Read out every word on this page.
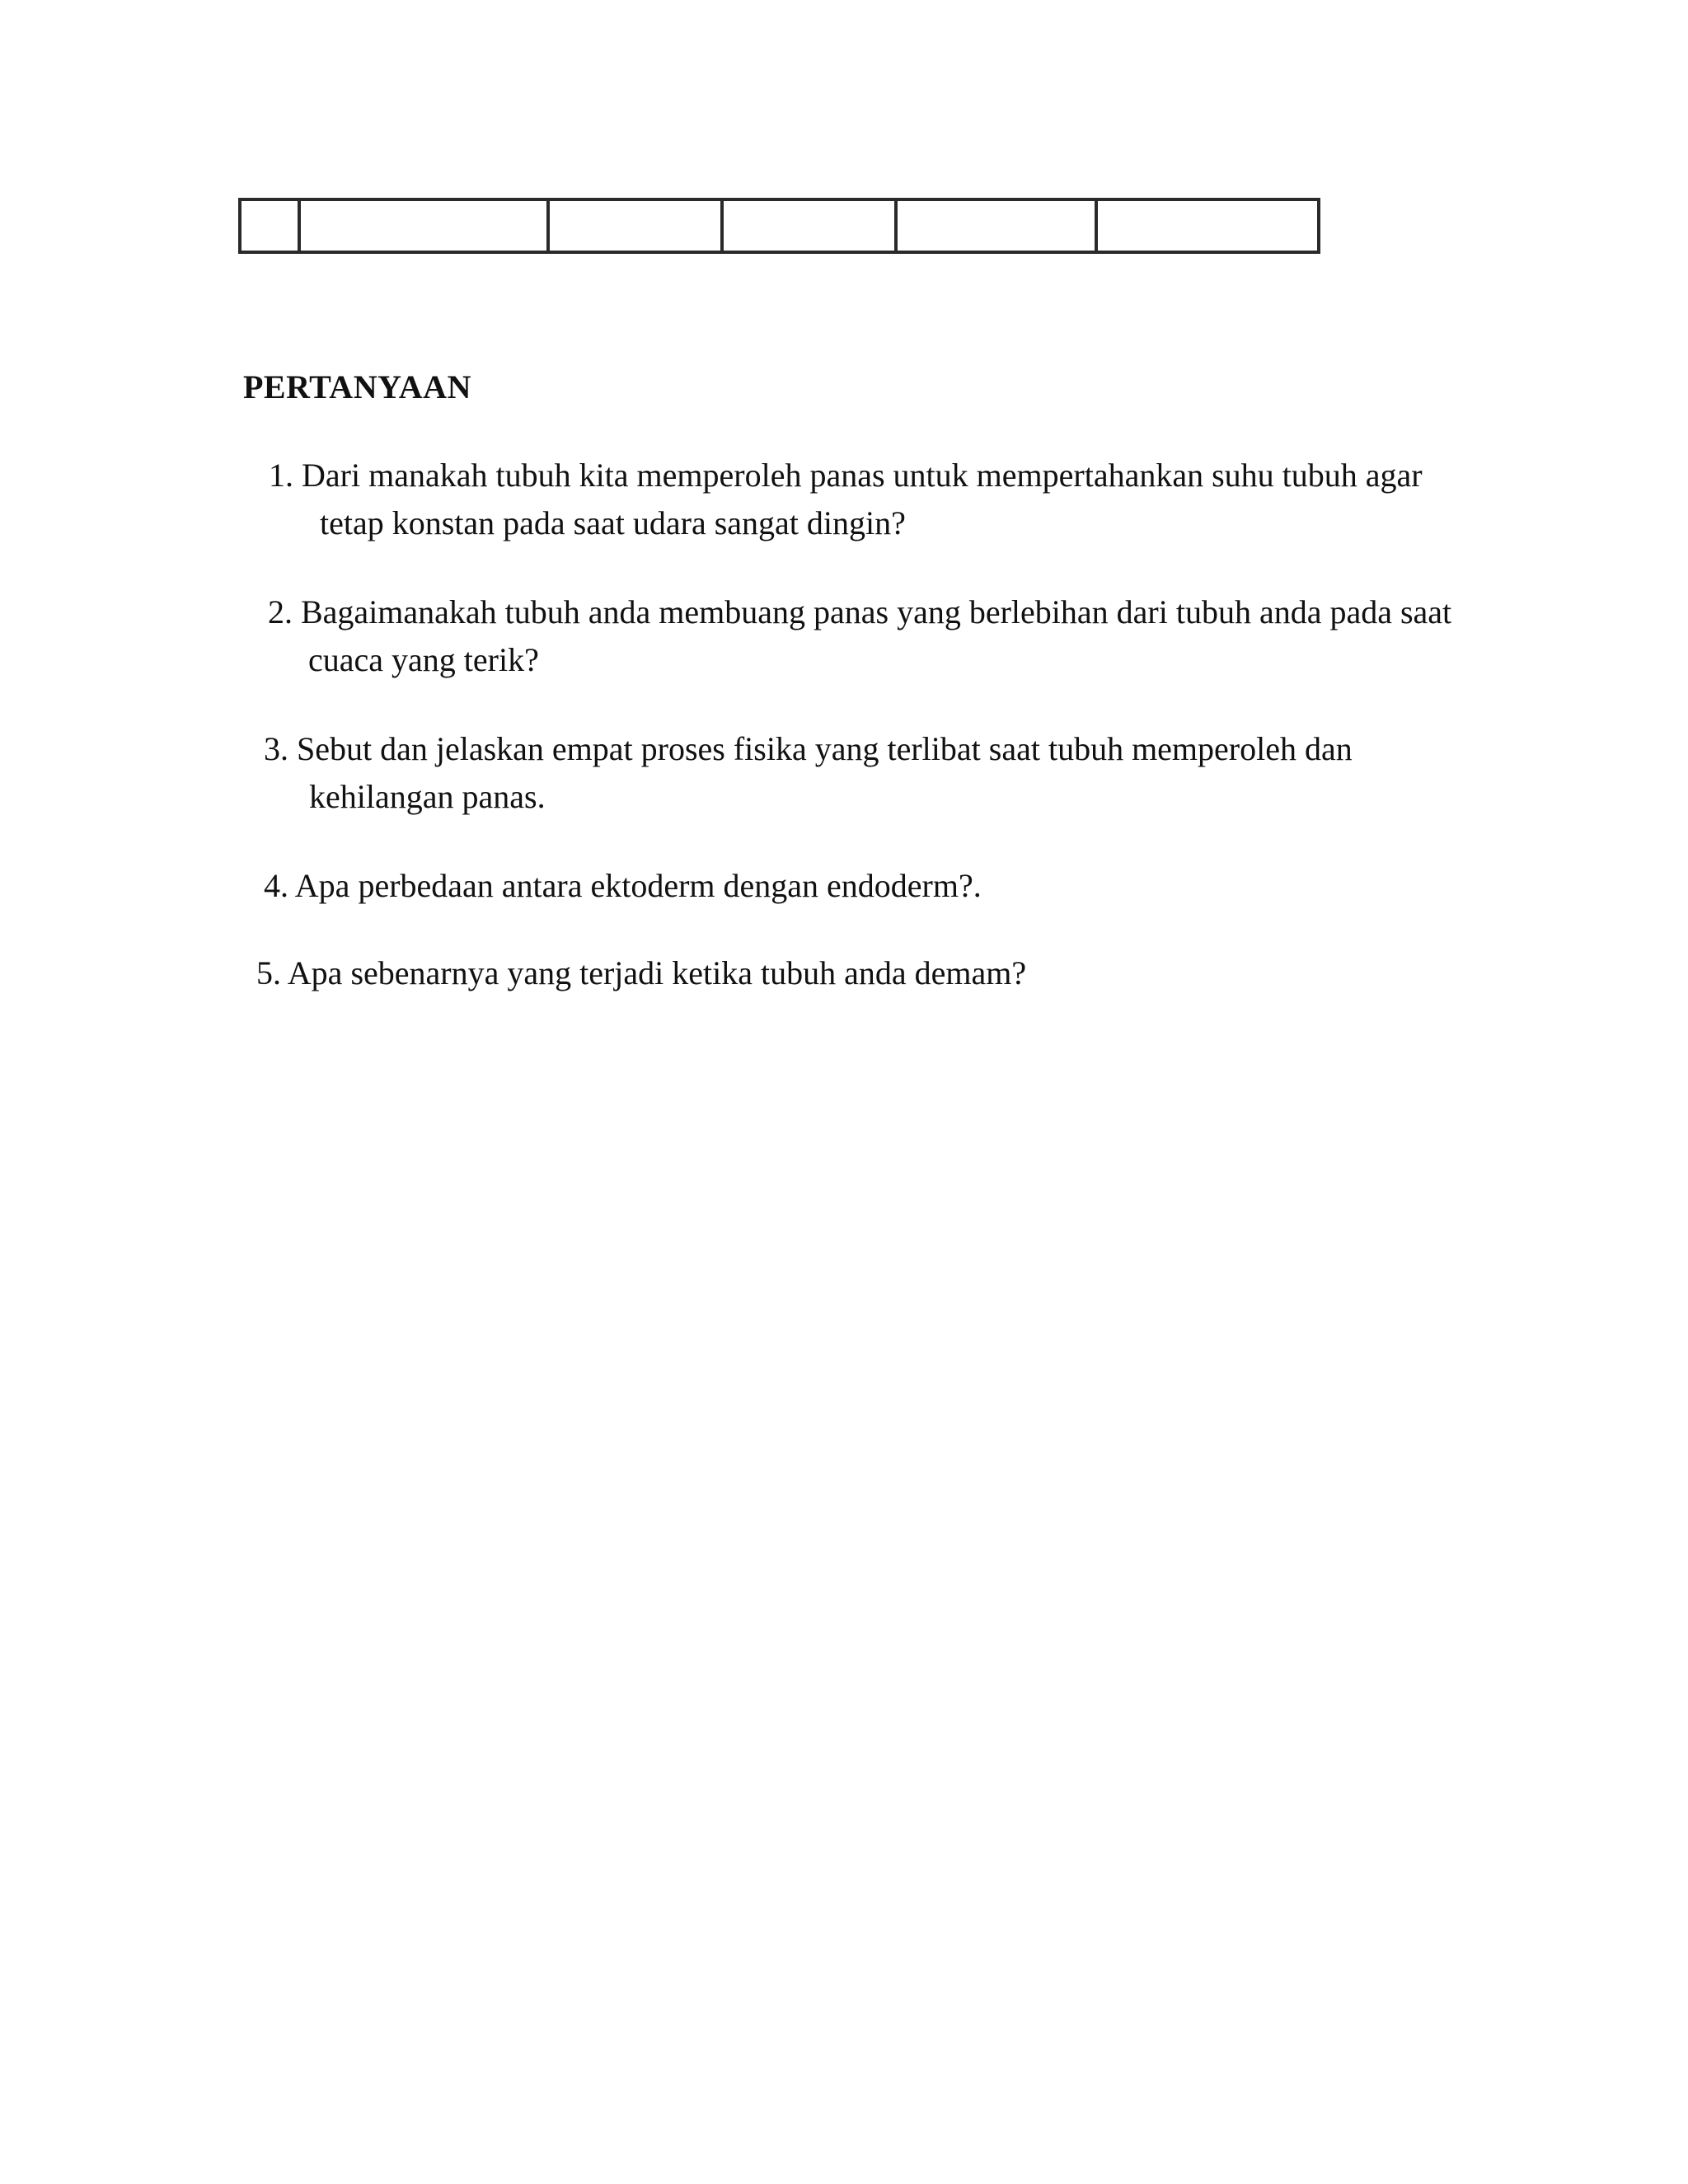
PERTANYAAN

1. Dari manakah tubuh kita memperoleh panas untuk mempertahankan suhu tubuh agar
tetap konstan pada saat udara sangat dingin?

2. Bagaimanakah tubuh anda membuang panas yang berlebihan dari tubuh anda pada saat
cuaca yang terik?

3. Sebut dan jelaskan empat proses fisika yang terlibat saat tubuh memperoleh dan
kehilangan panas.

4. Apa perbedaan antara ektoderm dengan endoderm?.

5. Apa sebenarnya yang terjadi ketika tubuh anda demam?
